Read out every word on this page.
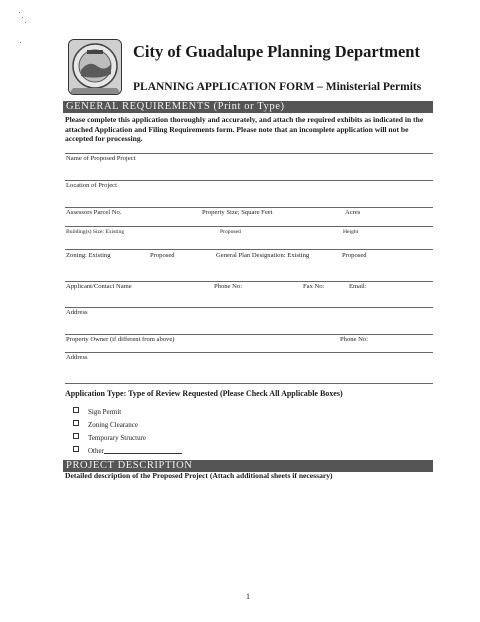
City of Guadalupe Planning Department
PLANNING APPLICATION FORM – Ministerial Permits
GENERAL REQUIREMENTS (Print or Type)
Please complete this application thoroughly and accurately, and attach the required exhibits as indicated in the attached Application and Filing Requirements form. Please note that an incomplete application will not be accepted for processing.
Name of Proposed Project
Location of Project
Assessors Parcel No.	Property Size; Square Feet	Acres
Building(s) Size: Existing	Proposed	Height
Zoning: Existing	Proposed	General Plan Designation: Existing	Proposed
Applicant/Contact Name	Phone No:	Fax No:	Email:
Address
Property Owner (if different from above)	Phone No:
Address
Application Type: Type of Review Requested (Please Check All Applicable Boxes)
Sign Permit
Zoning Clearance
Temporary Structure
Other
PROJECT DESCRIPTION
Detailed description of the Proposed Project (Attach additional sheets if necessary)
1
